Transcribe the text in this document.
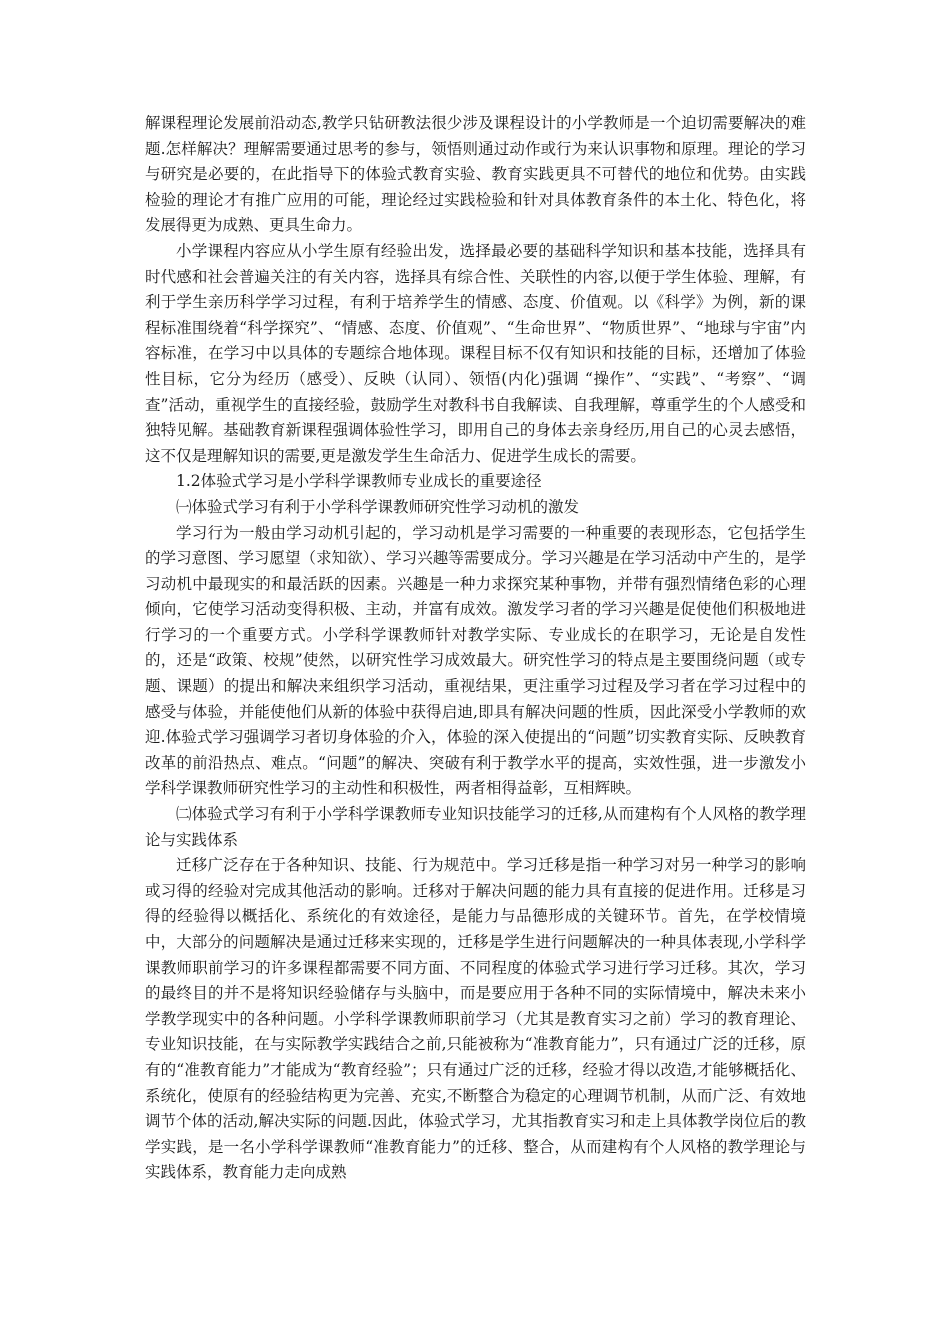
解课程理论发展前沿动态,教学只钻研教法很少涉及课程设计的小学教师是一个迫切需要解决的难题.怎样解决？理解需要通过思考的参与，领悟则通过动作或行为来认识事物和原理。理论的学习与研究是必要的，在此指导下的体验式教育实验、教育实践更具不可替代的地位和优势。由实践检验的理论才有推广应用的可能，理论经过实践检验和针对具体教育条件的本土化、特色化，将发展得更为成熟、更具生命力。

小学课程内容应从小学生原有经验出发，选择最必要的基础科学知识和基本技能，选择具有时代感和社会普遍关注的有关内容，选择具有综合性、关联性的内容,以便于学生体验、理解，有利于学生亲历科学学习过程，有利于培养学生的情感、态度、价值观。以《科学》为例，新的课程标准围绕着“科学探究”、“情感、态度、价值观”、“生命世界”、“物质世界”、“地球与宇宙”内容标准，在学习中以具体的专题综合地体现。课程目标不仅有知识和技能的目标，还增加了体验性目标，它分为经历（感受）、反映（认同）、领悟(内化)强调 “操作”、“实践”、“考察”、“调查”活动，重视学生的直接经验，鼓励学生对教科书自我解读、自我理解，尊重学生的个人感受和独特见解。基础教育新课程强调体验性学习，即用自己的身体去亲身经历,用自己的心灵去感悟，这不仅是理解知识的需要,更是激发学生生命活力、促进学生成长的需要。

1.2体验式学习是小学科学课教师专业成长的重要途径

㈠体验式学习有利于小学科学课教师研究性学习动机的激发

学习行为一般由学习动机引起的，学习动机是学习需要的一种重要的表现形态，它包括学生的学习意图、学习愿望（求知欲）、学习兴趣等需要成分。学习兴趣是在学习活动中产生的，是学习动机中最现实的和最活跃的因素。兴趣是一种力求探究某种事物，并带有强烈情绪色彩的心理倾向，它使学习活动变得积极、主动，并富有成效。激发学习者的学习兴趣是促使他们积极地进行学习的一个重要方式。小学科学课教师针对教学实际、专业成长的在职学习，无论是自发性的，还是“政策、校规”使然，以研究性学习成效最大。研究性学习的特点是主要围绕问题（或专题、课题）的提出和解决来组织学习活动，重视结果，更注重学习过程及学习者在学习过程中的感受与体验，并能使他们从新的体验中获得启迪,即具有解决问题的性质，因此深受小学教师的欢迎.体验式学习强调学习者切身体验的介入，体验的深入使提出的“问题”切实教育实际、反映教育改革的前沿热点、难点。“问题”的解决、突破有利于教学水平的提高，实效性强，进一步激发小学科学课教师研究性学习的主动性和积极性，两者相得益彰，互相辉映。

㈡体验式学习有利于小学科学课教师专业知识技能学习的迁移,从而建构有个人风格的教学理论与实践体系

迁移广泛存在于各种知识、技能、行为规范中。学习迁移是指一种学习对另一种学习的影响或习得的经验对完成其他活动的影响。迁移对于解决问题的能力具有直接的促进作用。迁移是习得的经验得以概括化、系统化的有效途径，是能力与品德形成的关键环节。首先，在学校情境中，大部分的问题解决是通过迁移来实现的，迁移是学生进行问题解决的一种具体表现,小学科学课教师职前学习的许多课程都需要不同方面、不同程度的体验式学习进行学习迁移。其次，学习的最终目的并不是将知识经验储存与头脑中，而是要应用于各种不同的实际情境中，解决未来小学教学现实中的各种问题。小学科学课教师职前学习（尤其是教育实习之前）学习的教育理论、专业知识技能，在与实际教学实践结合之前,只能被称为“准教育能力”，只有通过广泛的迁移，原有的“准教育能力”才能成为“教育经验”；只有通过广泛的迁移，经验才得以改造,才能够概括化、系统化，使原有的经验结构更为完善、充实,不断整合为稳定的心理调节机制，从而广泛、有效地调节个体的活动,解决实际的问题.因此，体验式学习，尤其指教育实习和走上具体教学岗位后的教学实践，是一名小学科学课教师“准教育能力”的迁移、整合，从而建构有个人风格的教学理论与实践体系，教育能力走向成熟
